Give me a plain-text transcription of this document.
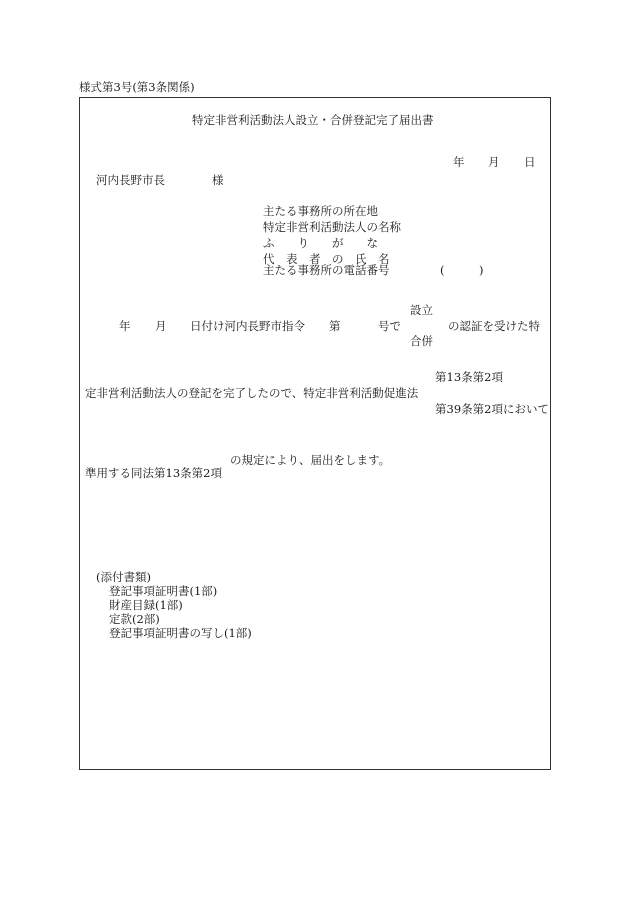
様式第3号(第3条関係)
特定非営利活動法人設立・合併登記完了届出書
年 月 日
河内長野市長	様
主たる事務所の所在地
特定非営利活動法人の名称
ふ　　り　　が　　な
代　表　者　の　氏　名
主たる事務所の電話番号	(　　　)
設立
年 月 日付け河内長野市指令 第	号で	の認証を受けた特
合併
第13条第2項
定非営利活動法人の登記を完了したので、特定非営利活動促進法
第39条第2項において
の規定により、届出をします。
準用する同法第13条第2項
(添付書類)
登記事項証明書(1部)
財産目録(1部)
定款(2部)
登記事項証明書の写し(1部)
